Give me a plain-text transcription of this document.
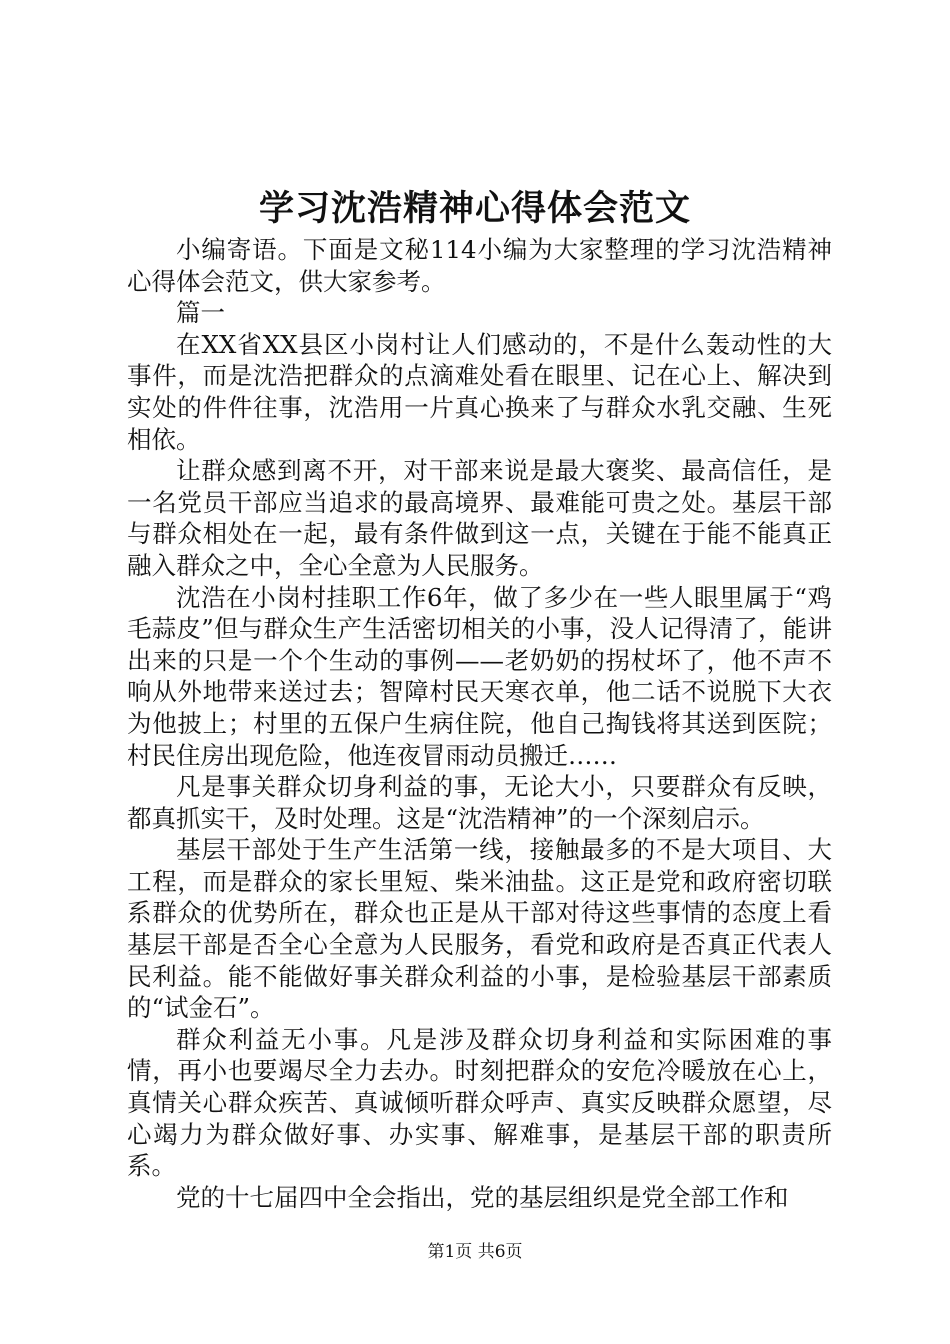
学习沈浩精神心得体会范文

小编寄语。下面是文秘114小编为大家整理的学习沈浩精神心得体会范文，供大家参考。

篇一

在XX省XX县区小岗村让人们感动的，不是什么轰动性的大事件，而是沈浩把群众的点滴难处看在眼里、记在心上、解决到实处的件件往事，沈浩用一片真心换来了与群众水乳交融、生死相依。

让群众感到离不开，对干部来说是最大褒奖、最高信任，是一名党员干部应当追求的最高境界、最难能可贵之处。基层干部与群众相处在一起，最有条件做到这一点，关键在于能不能真正融入群众之中，全心全意为人民服务。

沈浩在小岗村挂职工作6年，做了多少在一些人眼里属于“鸡毛蒜皮”但与群众生产生活密切相关的小事，没人记得清了，能讲出来的只是一个个生动的事例——老奶奶的拐杖坏了，他不声不响从外地带来送过去；智障村民天寒衣单，他二话不说脱下大衣为他披上；村里的五保户生病住院，他自己掏钱将其送到医院；村民住房出现危险，他连夜冒雨动员搬迁……

凡是事关群众切身利益的事，无论大小，只要群众有反映，都真抓实干，及时处理。这是“沈浩精神”的一个深刻启示。

基层干部处于生产生活第一线，接触最多的不是大项目、大工程，而是群众的家长里短、柴米油盐。这正是党和政府密切联系群众的优势所在，群众也正是从干部对待这些事情的态度上看基层干部是否全心全意为人民服务，看党和政府是否真正代表人民利益。能不能做好事关群众利益的小事，是检验基层干部素质的“试金石”。

群众利益无小事。凡是涉及群众切身利益和实际困难的事情，再小也要竭尽全力去办。时刻把群众的安危冷暖放在心上，真情关心群众疾苦、真诚倾听群众呼声、真实反映群众愿望，尽心竭力为群众做好事、办实事、解难事，是基层干部的职责所系。

党的十七届四中全会指出，党的基层组织是党全部工作和

第1页 共6页
